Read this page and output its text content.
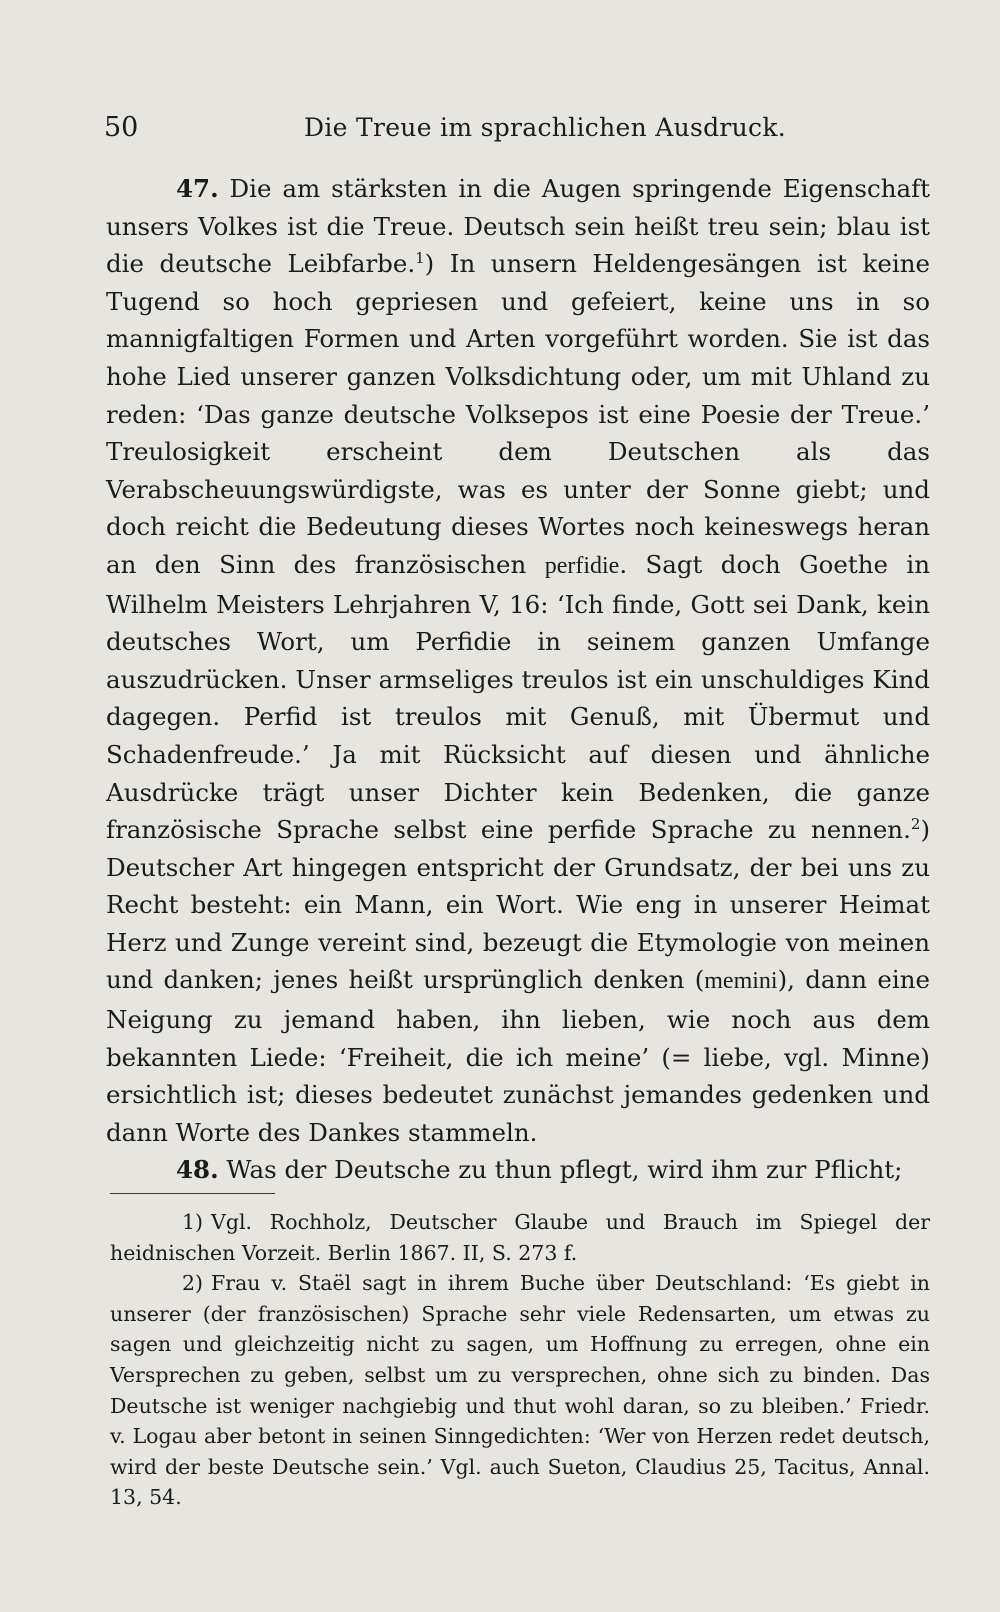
50	Die Treue im sprachlichen Ausdruck.

47. Die am stärksten in die Augen springende Eigenschaft unsers Volkes ist die Treue. Deutsch sein heißt treu sein; blau ist die deutsche Leibfarbe.$^1$) In unsern Heldengesängen ist keine Tugend so hoch gepriesen und gefeiert, keine uns in so mannigfaltigen Formen und Arten vorgeführt worden. Sie ist das hohe Lied unserer ganzen Volksdichtung oder, um mit Uhland zu reden: ‘Das ganze deutsche Volksepos ist eine Poesie der Treue.’ Treulosigkeit erscheint dem Deutschen als das Verabscheuungswürdigste, was es unter der Sonne giebt; und doch reicht die Bedeutung dieses Wortes noch keineswegs heran an den Sinn des französischen perfidie. Sagt doch Goethe in Wilhelm Meisters Lehrjahren V, 16: ‘Ich finde, Gott sei Dank, kein deutsches Wort, um Perfidie in seinem ganzen Umfange auszudrücken. Unser armseliges treulos ist ein unschuldiges Kind dagegen. Perfid ist treulos mit Genuß, mit Übermut und Schadenfreude.’ Ja mit Rücksicht auf diesen und ähnliche Ausdrücke trägt unser Dichter kein Bedenken, die ganze französische Sprache selbst eine perfide Sprache zu nennen.$^2$) Deutscher Art hingegen entspricht der Grundsatz, der bei uns zu Recht besteht: ein Mann, ein Wort. Wie eng in unserer Heimat Herz und Zunge vereint sind, bezeugt die Etymologie von meinen und danken; jenes heißt ursprünglich denken (memini), dann eine Neigung zu jemand haben, ihn lieben, wie noch aus dem bekannten Liede: ‘Freiheit, die ich meine’ (= liebe, vgl. Minne) ersichtlich ist; dieses bedeutet zunächst jemandes gedenken und dann Worte des Dankes stammeln.

48. Was der Deutsche zu thun pflegt, wird ihm zur Pflicht;

1) Vgl. Rochholz, Deutscher Glaube und Brauch im Spiegel der heidnischen Vorzeit. Berlin 1867. II, S. 273 f.

2) Frau v. Staël sagt in ihrem Buche über Deutschland: ‘Es giebt in unserer (der französischen) Sprache sehr viele Redensarten, um etwas zu sagen und gleichzeitig nicht zu sagen, um Hoffnung zu erregen, ohne ein Versprechen zu geben, selbst um zu versprechen, ohne sich zu binden. Das Deutsche ist weniger nachgiebig und thut wohl daran, so zu bleiben.’ Friedr. v. Logau aber betont in seinen Sinngedichten: ‘Wer von Herzen redet deutsch, wird der beste Deutsche sein.’ Vgl. auch Sueton, Claudius 25, Tacitus, Annal. 13, 54.
